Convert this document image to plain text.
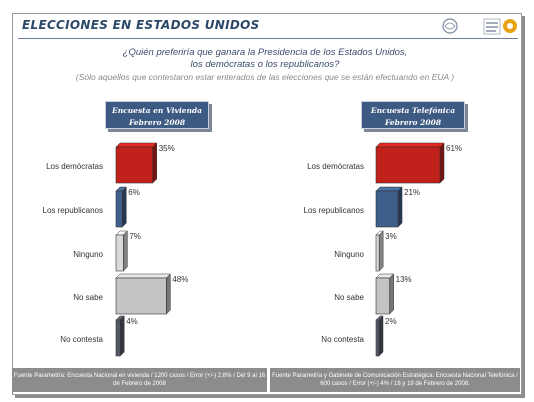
ELECCIONES EN ESTADOS UNIDOS
¿Quién preferiría que ganara la Presidencia de los Estados Unidos,
los demócratas o los republicanos?
(Sólo aquellos que contestaron estar enterados de las elecciones que se están efectuando en EUA )
Encuesta en Vivienda
Febrero 2008
Encuesta Telefónica
Febrero 2008
Los demócratas
35%
Los republicanos
6%
Ninguno
7%
No sabe
48%
No contesta
4%
Los demócratas
61%
Los republicanos
21%
Ninguno
3%
No sabe
13%
No contesta
2%
Fuente Parametría: Encuesta Nacional en vivienda / 1200 casos / Error (+/-) 2.8% / Del 9 al 16 de Febrero de 2008
Fuente Parametría y Gabinete de Comunicación Estratégica: Encuesta Nacional Telefónica / 600 casos / Error (+/-) 4% / 18 y 19 de Febrero de 2008.
